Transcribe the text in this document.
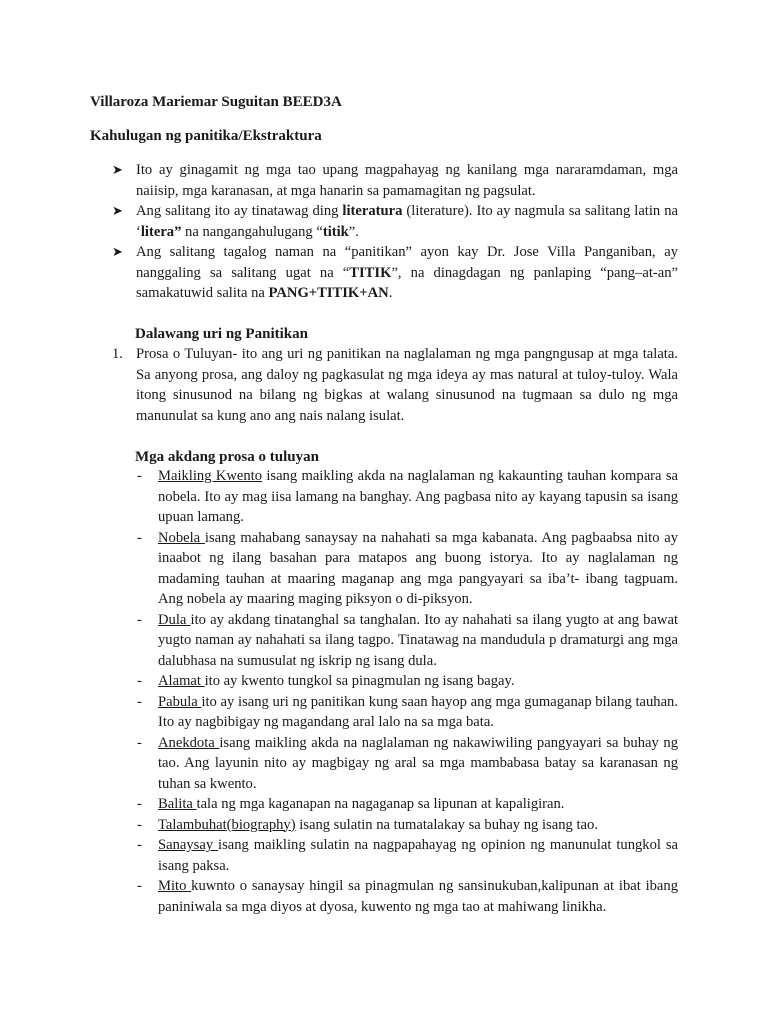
Villaroza Mariemar Suguitan BEED3A
Kahulugan ng panitika/Ekstraktura
➤ Ito ay ginagamit ng mga tao upang magpahayag ng kanilang mga nararamdaman, mga naiisip, mga karanasan, at mga hanarin sa pamamagitan ng pagsulat.
➤ Ang salitang ito ay tinatawag ding literatura (literature). Ito ay nagmula sa salitang latin na ‘litera” na nangangahulugang “titik”.
➤ Ang salitang tagalog naman na “panitikan” ayon kay Dr. Jose Villa Panganiban, ay nanggaling sa salitang ugat na “TITIK”, na dinagdagan ng panlaping “pang–at-an” samakatuwid salita na PANG+TITIK+AN.
Dalawang uri ng Panitikan
1. Prosa o Tuluyan- ito ang uri ng panitikan na naglalaman ng mga pangngusap at mga talata. Sa anyong prosa, ang daloy ng pagkasulat ng mga ideya ay mas natural at tuloy-tuloy. Wala itong sinusunod na bilang ng bigkas at walang sinusunod na tugmaan sa dulo ng mga manunulat sa kung ano ang nais nalang isulat.
Mga akdang prosa o tuluyan
- Maikling Kwento isang maikling akda na naglalaman ng kakaunting tauhan kompara sa nobela. Ito ay mag iisa lamang na banghay. Ang pagbasa nito ay kayang tapusin sa isang upuan lamang.
- Nobela isang mahabang sanaysay na nahahati sa mga kabanata. Ang pagbaabsa nito ay inaabot ng ilang basahan para matapos ang buong istorya. Ito ay naglalaman ng madaming tauhan at maaring maganap ang mga pangyayari sa iba’t- ibang tagpuam. Ang nobela ay maaring maging piksyon o di-piksyon.
- Dula ito ay akdang tinatanghal sa tanghalan. Ito ay nahahati sa ilang yugto at ang bawat yugto naman ay nahahati sa ilang tagpo. Tinatawag na mandudula p dramaturgi ang mga dalubhasa na sumusulat ng iskrip ng isang dula.
- Alamat ito ay kwento tungkol sa pinagmulan ng isang bagay.
- Pabula ito ay isang uri ng panitikan kung saan hayop ang mga gumaganap bilang tauhan. Ito ay nagbibigay ng magandang aral lalo na sa mga bata.
- Anekdota isang maikling akda na naglalaman ng nakawiwiling pangyayari sa buhay ng tao. Ang layunin nito ay magbigay ng aral sa mga mambabasa batay sa karanasan ng tuhan sa kwento.
- Balita tala ng mga kaganapan na nagaganap sa lipunan at kapaligiran.
- Talambuhat(biography) isang sulatin na tumatalakay sa buhay ng isang tao.
- Sanaysay isang maikling sulatin na nagpapahayag ng opinion ng manunulat tungkol sa isang paksa.
- Mito kuwnto o sanaysay hingil sa pinagmulan ng sansinukuban,kalipunan at ibat ibang paniniwala sa mga diyos at dyosa, kuwento ng mga tao at mahiwang linikha.
